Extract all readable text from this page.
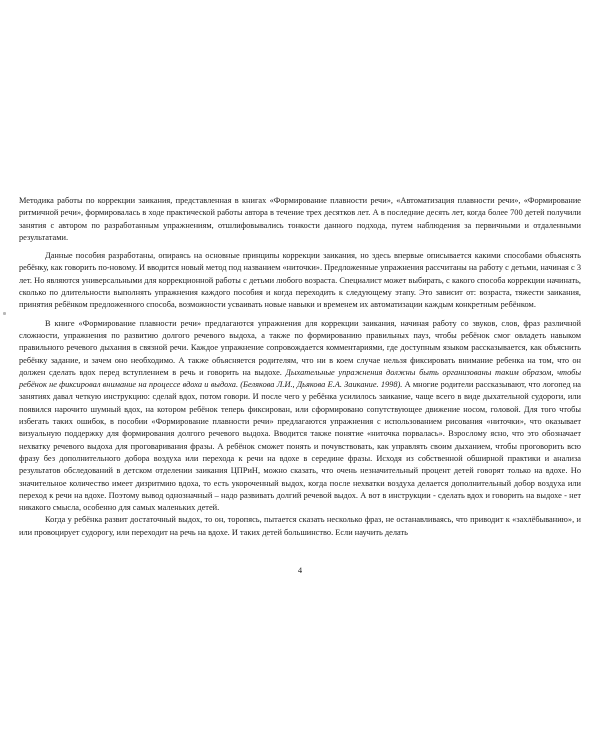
Методика работы по коррекции заикания, представленная в книгах «Формирование плавности речи», «Автоматизация плавности речи», «Формирование ритмичной речи», формировалась в ходе практической работы автора в течение трех десятков лет. А в последние десять лет, когда более 700 детей получили занятия с автором по разработанным упражнениям, отшлифовывались тонкости данного подхода, путем наблюдения за первичными и отдаленными результатами.

Данные пособия разработаны, опираясь на основные принципы коррекции заикания, но здесь впервые описывается какими способами объяснять ребёнку, как говорить по-новому. И вводится новый метод под названием «ниточки». Предложенные упражнения рассчитаны на работу с детьми, начиная с 3 лет. Но являются универсальными для коррекционной работы с детьми любого возраста. Специалист может выбирать, с какого способа коррекции начинать, сколько по длительности выполнять упражнения каждого пособия и когда переходить к следующему этапу. Это зависит от: возраста, тяжести заикания, принятия ребёнком предложенного способа, возможности усваивать новые навыки и временем их автоматизации каждым конкретным ребёнком.

В книге «Формирование плавности речи» предлагаются упражнения для коррекции заикания, начиная работу со звуков, слов, фраз различной сложности, упражнения по развитию долгого речевого выдоха, а также по формированию правильных пауз, чтобы ребёнок смог овладеть навыком правильного речевого дыхания в связной речи. Каждое упражнение сопровождается комментариями, где доступным языком рассказывается, как объяснить ребёнку задание, и зачем оно необходимо. А также объясняется родителям, что ни в коем случае нельзя фиксировать внимание ребенка на том, что он должен сделать вдох перед вступлением в речь и говорить на выдохе. Дыхательные упражнения должны быть организованы таким образом, чтобы ребёнок не фиксировал внимание на процессе вдоха и выдоха. (Белякова Л.И., Дьякова Е.А. Заикание. 1998). А многие родители рассказывают, что логопед на занятиях давал четкую инструкцию: сделай вдох, потом говори. И после чего у ребёнка усилилось заикание, чаще всего в виде дыхательной судороги, или появился нарочито шумный вдох, на котором ребёнок теперь фиксирован, или сформировано сопутствующее движение носом, головой. Для того чтобы избегать таких ошибок, в пособии «Формирование плавности речи» предлагаются упражнения с использованием рисования «ниточки», что оказывает визуальную поддержку для формирования долгого речевого выдоха. Вводится также понятие «ниточка порвалась». Взрослому ясно, что это обозначает нехватку речевого выдоха для проговаривания фразы. А ребёнок сможет понять и почувствовать, как управлять своим дыханием, чтобы проговорить всю фразу без дополнительного добора воздуха или перехода к речи на вдохе в середине фразы. Исходя из собственной обширной практики и анализа результатов обследований в детском отделении заикания ЦПРиН, можно сказать, что очень незначительный процент детей говорят только на вдохе. Но значительное количество имеет дизритмию вдоха, то есть укороченный выдох, когда после нехватки воздуха делается дополнительный добор воздуха или переход к речи на вдохе. Поэтому вывод однозначный – надо развивать долгий речевой выдох. А вот в инструкции - сделать вдох и говорить на выдохе - нет никакого смысла, особенно для самых маленьких детей.

Когда у ребёнка развит достаточный выдох, то он, торопясь, пытается сказать несколько фраз, не останавливаясь, что приводит к «захлёбыванию», и или провоцирует судорогу, или переходит на речь на вдохе. И таких детей большинство. Если научить делать

4
